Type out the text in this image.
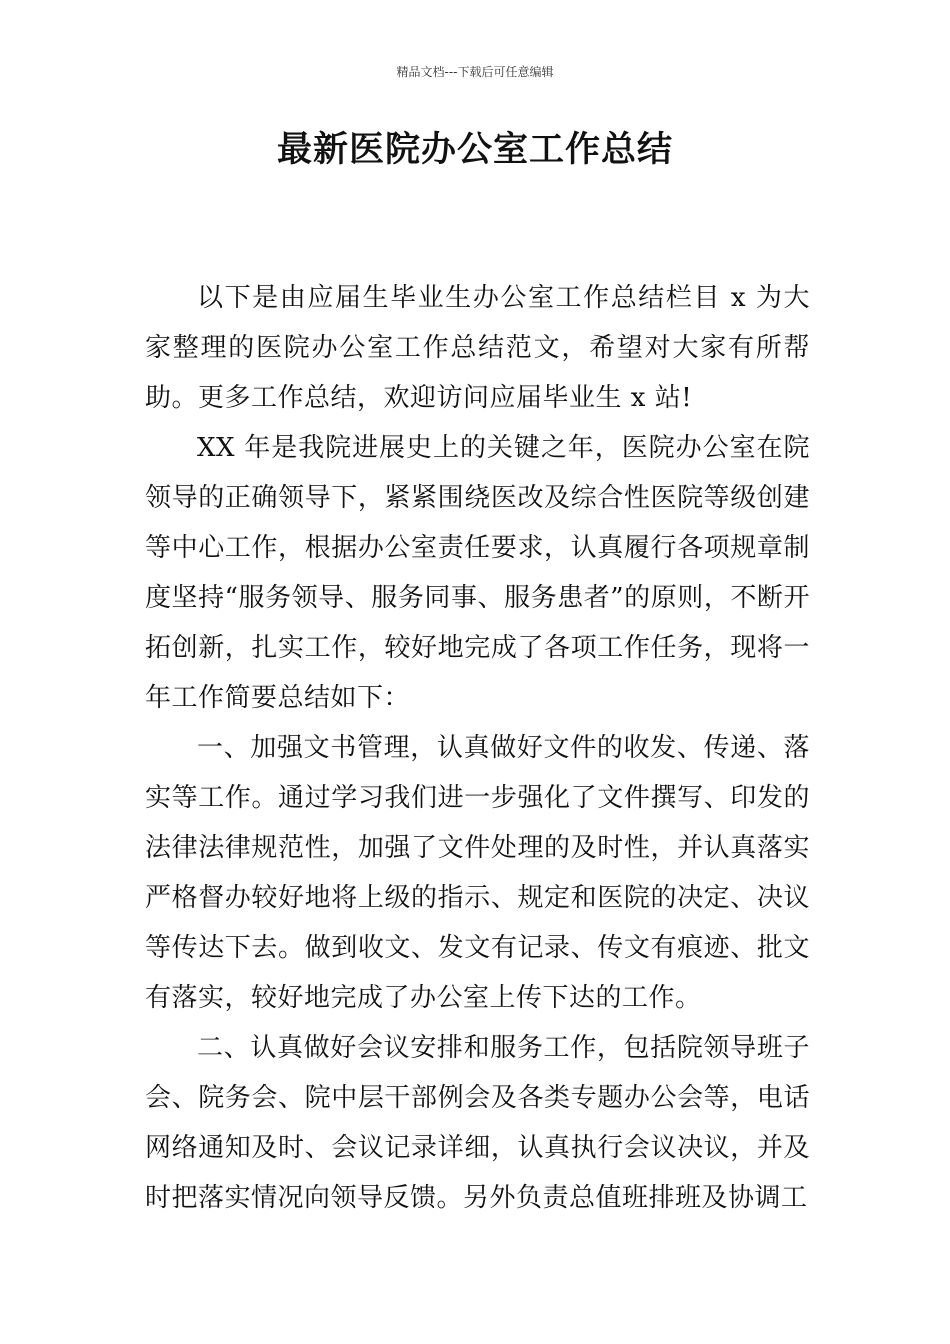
精品文档---下载后可任意编辑
最新医院办公室工作总结

以下是由应届生毕业生办公室工作总结栏目 x 为大家整理的医院办公室工作总结范文，希望对大家有所帮助。更多工作总结，欢迎访问应届毕业生 x 站!

XX 年是我院进展史上的关键之年，医院办公室在院领导的正确领导下，紧紧围绕医改及综合性医院等级创建等中心工作，根据办公室责任要求，认真履行各项规章制度坚持“服务领导、服务同事、服务患者”的原则，不断开拓创新，扎实工作，较好地完成了各项工作任务，现将一年工作简要总结如下：

一、加强文书管理，认真做好文件的收发、传递、落实等工作。通过学习我们进一步强化了文件撰写、印发的法律法律规范性，加强了文件处理的及时性，并认真落实严格督办较好地将上级的指示、规定和医院的决定、决议等传达下去。做到收文、发文有记录、传文有痕迹、批文有落实，较好地完成了办公室上传下达的工作。

二、认真做好会议安排和服务工作，包括院领导班子会、院务会、院中层干部例会及各类专题办公会等，电话网络通知及时、会议记录详细，认真执行会议决议，并及时把落实情况向领导反馈。另外负责总值班排班及协调工
